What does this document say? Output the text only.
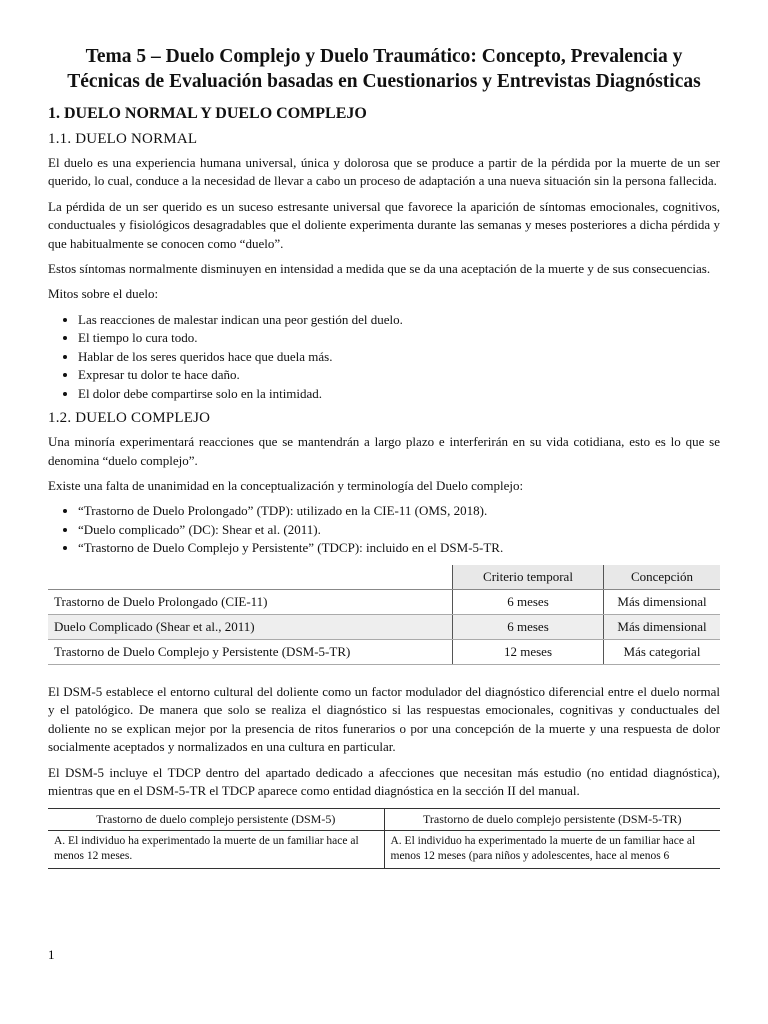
Tema 5 – Duelo Complejo y Duelo Traumático: Concepto, Prevalencia y Técnicas de Evaluación basadas en Cuestionarios y Entrevistas Diagnósticas
1. DUELO NORMAL Y DUELO COMPLEJO
1.1. DUELO NORMAL

El duelo es una experiencia humana universal, única y dolorosa que se produce a partir de la pérdida por la muerte de un ser querido, lo cual, conduce a la necesidad de llevar a cabo un proceso de adaptación a una nueva situación sin la persona fallecida.

La pérdida de un ser querido es un suceso estresante universal que favorece la aparición de síntomas emocionales, cognitivos, conductuales y fisiológicos desagradables que el doliente experimenta durante las semanas y meses posteriores a dicha pérdida y que habitualmente se conocen como “duelo”.

Estos síntomas normalmente disminuyen en intensidad a medida que se da una aceptación de la muerte y de sus consecuencias.

Mitos sobre el duelo:

• Las reacciones de malestar indican una peor gestión del duelo.
• El tiempo lo cura todo.
• Hablar de los seres queridos hace que duela más.
• Expresar tu dolor te hace daño.
• El dolor debe compartirse solo en la intimidad.
1.2. DUELO COMPLEJO

Una minoría experimentará reacciones que se mantendrán a largo plazo e interferirán en su vida cotidiana, esto es lo que se denomina “duelo complejo”.

Existe una falta de unanimidad en la conceptualización y terminología del Duelo complejo:

• “Trastorno de Duelo Prolongado” (TDP): utilizado en la CIE-11 (OMS, 2018).
• “Duelo complicado” (DC): Shear et al. (2011).
• “Trastorno de Duelo Complejo y Persistente” (TDCP): incluido en el DSM-5-TR.
	Criterio temporal	Concepción
Trastorno de Duelo Prolongado (CIE-11)	6 meses	Más dimensional
Duelo Complicado (Shear et al., 2011)	6 meses	Más dimensional
Trastorno de Duelo Complejo y Persistente (DSM-5-TR)	12 meses	Más categorial

El DSM-5 establece el entorno cultural del doliente como un factor modulador del diagnóstico diferencial entre el duelo normal y el patológico. De manera que solo se realiza el diagnóstico si las respuestas emocionales, cognitivas y conductuales del doliente no se explican mejor por la presencia de ritos funerarios o por una concepción de la muerte y una respuesta de dolor socialmente aceptados y normalizados en una cultura en particular.

El DSM-5 incluye el TDCP dentro del apartado dedicado a afecciones que necesitan más estudio (no entidad diagnóstica), mientras que en el DSM-5-TR el TDCP aparece como entidad diagnóstica en la sección II del manual.

Trastorno de duelo complejo persistente (DSM-5)	Trastorno de duelo complejo persistente (DSM-5-TR)
A. El individuo ha experimentado la muerte de un familiar hace al menos 12 meses.	A. El individuo ha experimentado la muerte de un familiar hace al menos 12 meses (para niños y adolescentes, hace al menos 6
1
